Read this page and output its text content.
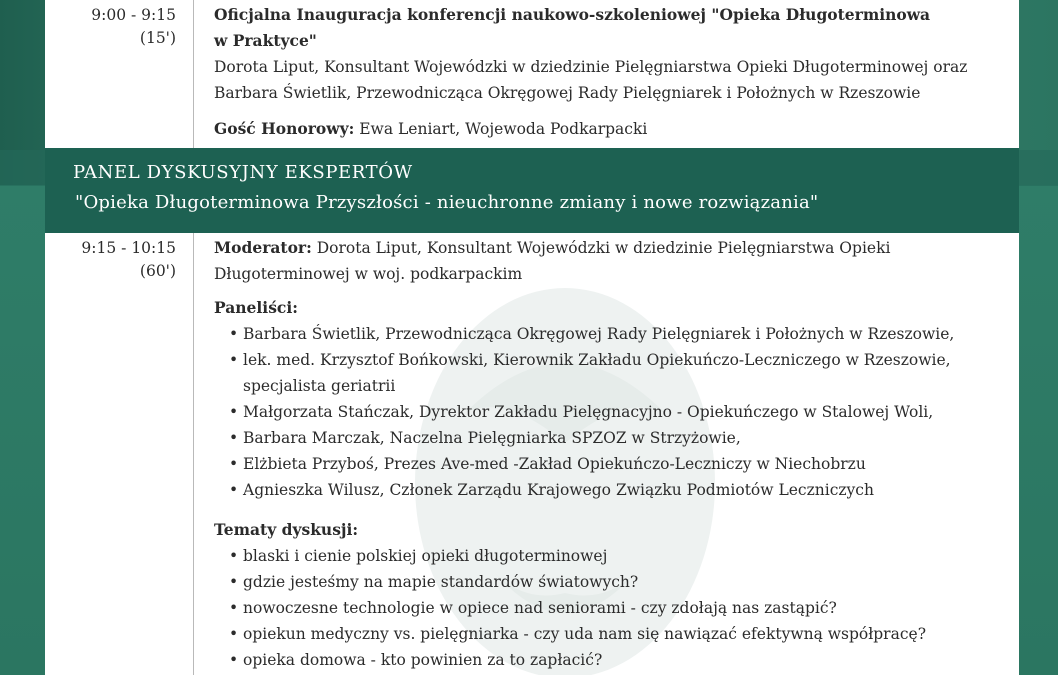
9:00 - 9:15
(15')
Oficjalna Inauguracja konferencji naukowo-szkoleniowej "Opieka Długoterminowa
w Praktyce"
Dorota Liput, Konsultant Wojewódzki w dziedzinie Pielęgniarstwa Opieki Długoterminowej oraz
Barbara Świetlik, Przewodnicząca Okręgowej Rady Pielęgniarek i Położnych w Rzeszowie
Gość Honorowy: Ewa Leniart, Wojewoda Podkarpacki
PANEL DYSKUSYJNY EKSPERTÓW
"Opieka Długoterminowa Przyszłości - nieuchronne zmiany i nowe rozwiązania"
9:15 - 10:15
(60')
Moderator: Dorota Liput, Konsultant Wojewódzki w dziedzinie Pielęgniarstwa Opieki
Długoterminowej w woj. podkarpackim
Paneliści:
• Barbara Świetlik, Przewodnicząca Okręgowej Rady Pielęgniarek i Położnych w Rzeszowie,
• lek. med. Krzysztof Bońkowski, Kierownik Zakładu Opiekuńczo-Leczniczego w Rzeszowie,
specjalista geriatrii
• Małgorzata Stańczak, Dyrektor Zakładu Pielęgnacyjno - Opiekuńczego w Stalowej Woli,
• Barbara Marczak, Naczelna Pielęgniarka SPZOZ w Strzyżowie,
• Elżbieta Przyboś, Prezes Ave-med -Zakład Opiekuńczo-Leczniczy w Niechobrzu
• Agnieszka Wilusz, Członek Zarządu Krajowego Związku Podmiotów Leczniczych
Tematy dyskusji:
• blaski i cienie polskiej opieki długoterminowej
• gdzie jesteśmy na mapie standardów światowych?
• nowoczesne technologie w opiece nad seniorami - czy zdołają nas zastąpić?
• opiekun medyczny vs. pielęgniarka - czy uda nam się nawiązać efektywną współpracę?
• opieka domowa - kto powinien za to zapłacić?
